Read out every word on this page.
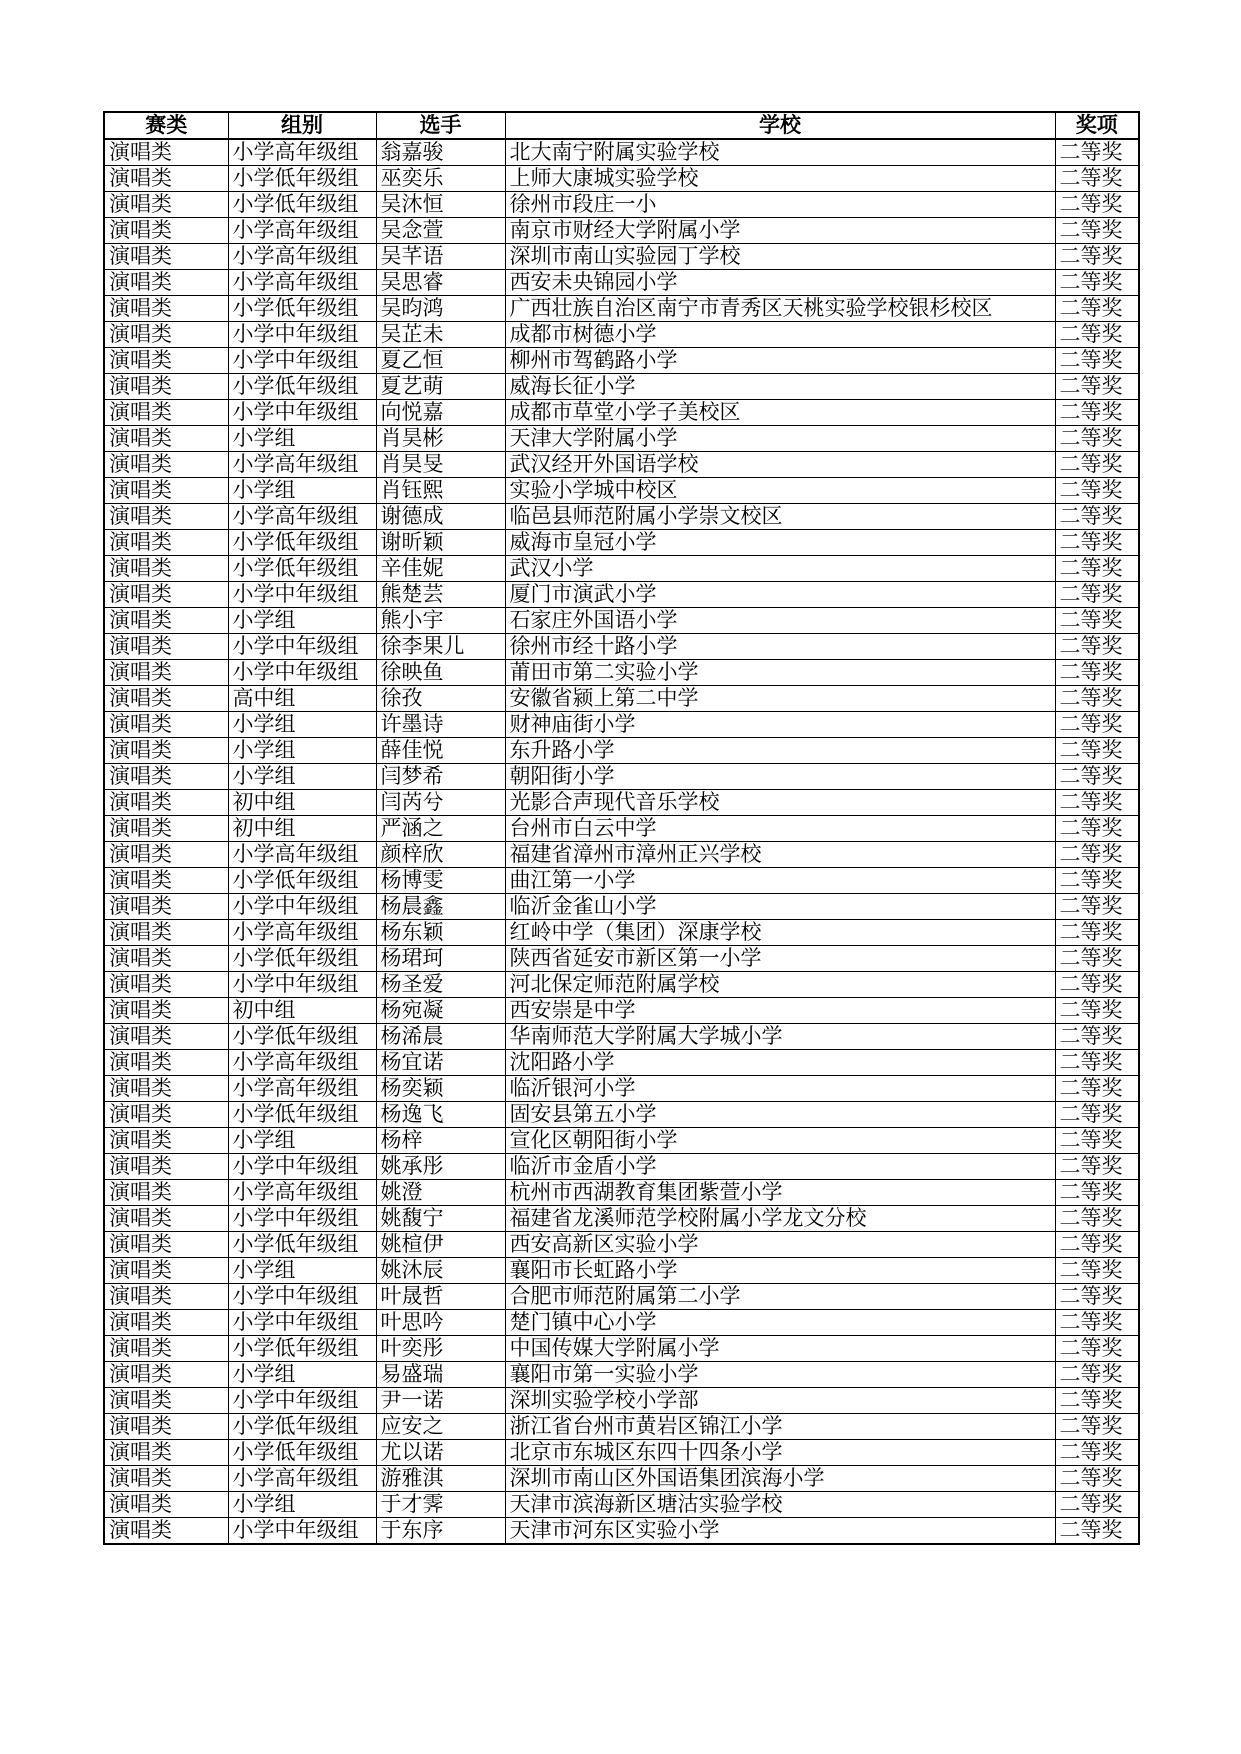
赛类	组别	选手	学校	奖项
演唱类	小学高年级组	翁嘉骏	北大南宁附属实验学校	二等奖
演唱类	小学低年级组	巫奕乐	上师大康城实验学校	二等奖
演唱类	小学低年级组	吴沐恒	徐州市段庄一小	二等奖
演唱类	小学高年级组	吴念萱	南京市财经大学附属小学	二等奖
演唱类	小学高年级组	吴芊语	深圳市南山实验园丁学校	二等奖
演唱类	小学高年级组	吴思睿	西安未央锦园小学	二等奖
演唱类	小学低年级组	吴昀鸿	广西壮族自治区南宁市青秀区天桃实验学校银杉校区	二等奖
演唱类	小学中年级组	吴芷未	成都市树德小学	二等奖
演唱类	小学中年级组	夏乙恒	柳州市驾鹤路小学	二等奖
演唱类	小学低年级组	夏艺萌	威海长征小学	二等奖
演唱类	小学中年级组	向悦嘉	成都市草堂小学子美校区	二等奖
演唱类	小学组	肖昊彬	天津大学附属小学	二等奖
演唱类	小学高年级组	肖昊旻	武汉经开外国语学校	二等奖
演唱类	小学组	肖钰熙	实验小学城中校区	二等奖
演唱类	小学高年级组	谢德成	临邑县师范附属小学崇文校区	二等奖
演唱类	小学低年级组	谢昕颖	威海市皇冠小学	二等奖
演唱类	小学低年级组	辛佳妮	武汉小学	二等奖
演唱类	小学中年级组	熊楚芸	厦门市演武小学	二等奖
演唱类	小学组	熊小宇	石家庄外国语小学	二等奖
演唱类	小学中年级组	徐李果儿	徐州市经十路小学	二等奖
演唱类	小学中年级组	徐映鱼	莆田市第二实验小学	二等奖
演唱类	高中组	徐孜	安徽省颍上第二中学	二等奖
演唱类	小学组	许墨诗	财神庙街小学	二等奖
演唱类	小学组	薛佳悦	东升路小学	二等奖
演唱类	小学组	闫梦希	朝阳街小学	二等奖
演唱类	初中组	闫芮兮	光影合声现代音乐学校	二等奖
演唱类	初中组	严涵之	台州市白云中学	二等奖
演唱类	小学高年级组	颜梓欣	福建省漳州市漳州正兴学校	二等奖
演唱类	小学低年级组	杨博雯	曲江第一小学	二等奖
演唱类	小学中年级组	杨晨鑫	临沂金雀山小学	二等奖
演唱类	小学高年级组	杨东颖	红岭中学（集团）深康学校	二等奖
演唱类	小学低年级组	杨珺珂	陕西省延安市新区第一小学	二等奖
演唱类	小学中年级组	杨圣爱	河北保定师范附属学校	二等奖
演唱类	初中组	杨宛凝	西安崇是中学	二等奖
演唱类	小学低年级组	杨浠晨	华南师范大学附属大学城小学	二等奖
演唱类	小学高年级组	杨宜诺	沈阳路小学	二等奖
演唱类	小学高年级组	杨奕颖	临沂银河小学	二等奖
演唱类	小学低年级组	杨逸飞	固安县第五小学	二等奖
演唱类	小学组	杨梓	宣化区朝阳街小学	二等奖
演唱类	小学中年级组	姚承彤	临沂市金盾小学	二等奖
演唱类	小学高年级组	姚澄	杭州市西湖教育集团紫萱小学	二等奖
演唱类	小学中年级组	姚馥宁	福建省龙溪师范学校附属小学龙文分校	二等奖
演唱类	小学低年级组	姚楦伊	西安高新区实验小学	二等奖
演唱类	小学组	姚沐辰	襄阳市长虹路小学	二等奖
演唱类	小学中年级组	叶晟哲	合肥市师范附属第二小学	二等奖
演唱类	小学中年级组	叶思吟	楚门镇中心小学	二等奖
演唱类	小学低年级组	叶奕彤	中国传媒大学附属小学	二等奖
演唱类	小学组	易盛瑞	襄阳市第一实验小学	二等奖
演唱类	小学中年级组	尹一诺	深圳实验学校小学部	二等奖
演唱类	小学低年级组	应安之	浙江省台州市黄岩区锦江小学	二等奖
演唱类	小学低年级组	尤以诺	北京市东城区东四十四条小学	二等奖
演唱类	小学高年级组	游雅淇	深圳市南山区外国语集团滨海小学	二等奖
演唱类	小学组	于才霁	天津市滨海新区塘沽实验学校	二等奖
演唱类	小学中年级组	于东序	天津市河东区实验小学	二等奖
